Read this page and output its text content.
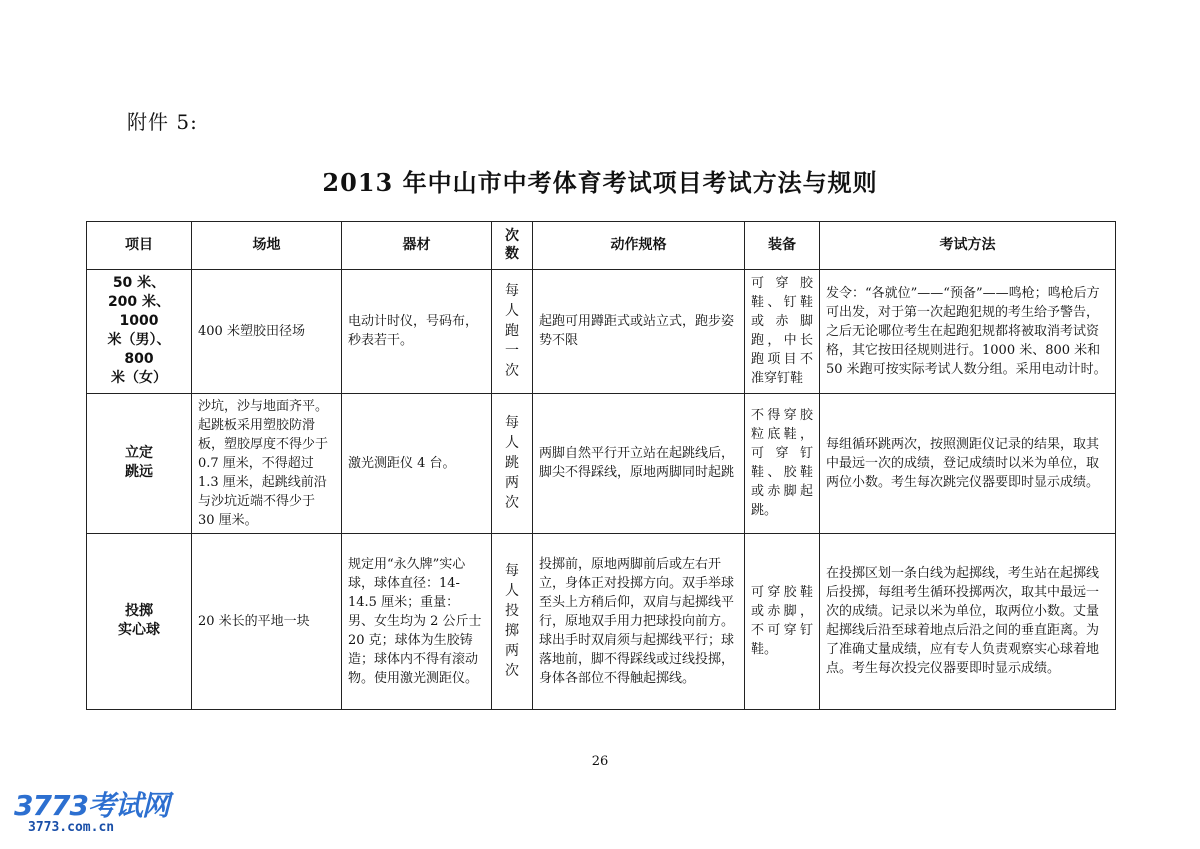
附件 5:
2013 年中山市中考体育考试项目考试方法与规则
项目	场地	器材	次数	动作规格	装备	考试方法
50 米、
200 米、1000
米（男）、800
米（女）	400 米塑胶田径场	电动计时仪，号码布，秒表若干。	每人跑一次	起跑可用蹲距式或站立式，跑步姿势不限	可穿胶鞋、钉鞋或赤脚跑，中长跑项目不准穿钉鞋	发令：“各就位”——“预备”——鸣枪；鸣枪后方可出发，对于第一次起跑犯规的考生给予警告，之后无论哪位考生在起跑犯规都将被取消考试资格，其它按田径规则进行。1000 米、800 米和 50 米跑可按实际考试人数分组。采用电动计时。
立定
跳远	沙坑，沙与地面齐平。起跳板采用塑胶防滑板，塑胶厚度不得少于 0.7 厘米，不得超过 1.3 厘米，起跳线前沿与沙坑近端不得少于 30 厘米。	激光测距仪 4 台。	每人跳两次	两脚自然平行开立站在起跳线后，脚尖不得踩线，原地两脚同时起跳	不得穿胶粒底鞋，可穿钉鞋、胶鞋或赤脚起跳。	每组循环跳两次，按照测距仪记录的结果，取其中最远一次的成绩，登记成绩时以米为单位，取两位小数。考生每次跳完仪器要即时显示成绩。
投掷
实心球	20 米长的平地一块	规定用“永久牌”实心球，球体直径：14-14.5 厘米；重量：男、女生均为 2 公斤士 20 克；球体为生胶铸造；球体内不得有滚动物。使用激光测距仪。	每人投掷两次	投掷前，原地两脚前后或左右开立，身体正对投掷方向。双手举球至头上方稍后仰，双肩与起掷线平行，原地双手用力把球投向前方。球出手时双肩须与起掷线平行；球落地前，脚不得踩线或过线投掷，身体各部位不得触起掷线。	可穿胶鞋或赤脚，不可穿钉鞋。	在投掷区划一条白线为起掷线，考生站在起掷线后投掷，每组考生循环投掷两次，取其中最远一次的成绩。记录以米为单位，取两位小数。丈量起掷线后沿至球着地点后沿之间的垂直距离。为了准确丈量成绩，应有专人负责观察实心球着地点。考生每次投完仪器要即时显示成绩。
26
3773考试网
3773.com.cn
